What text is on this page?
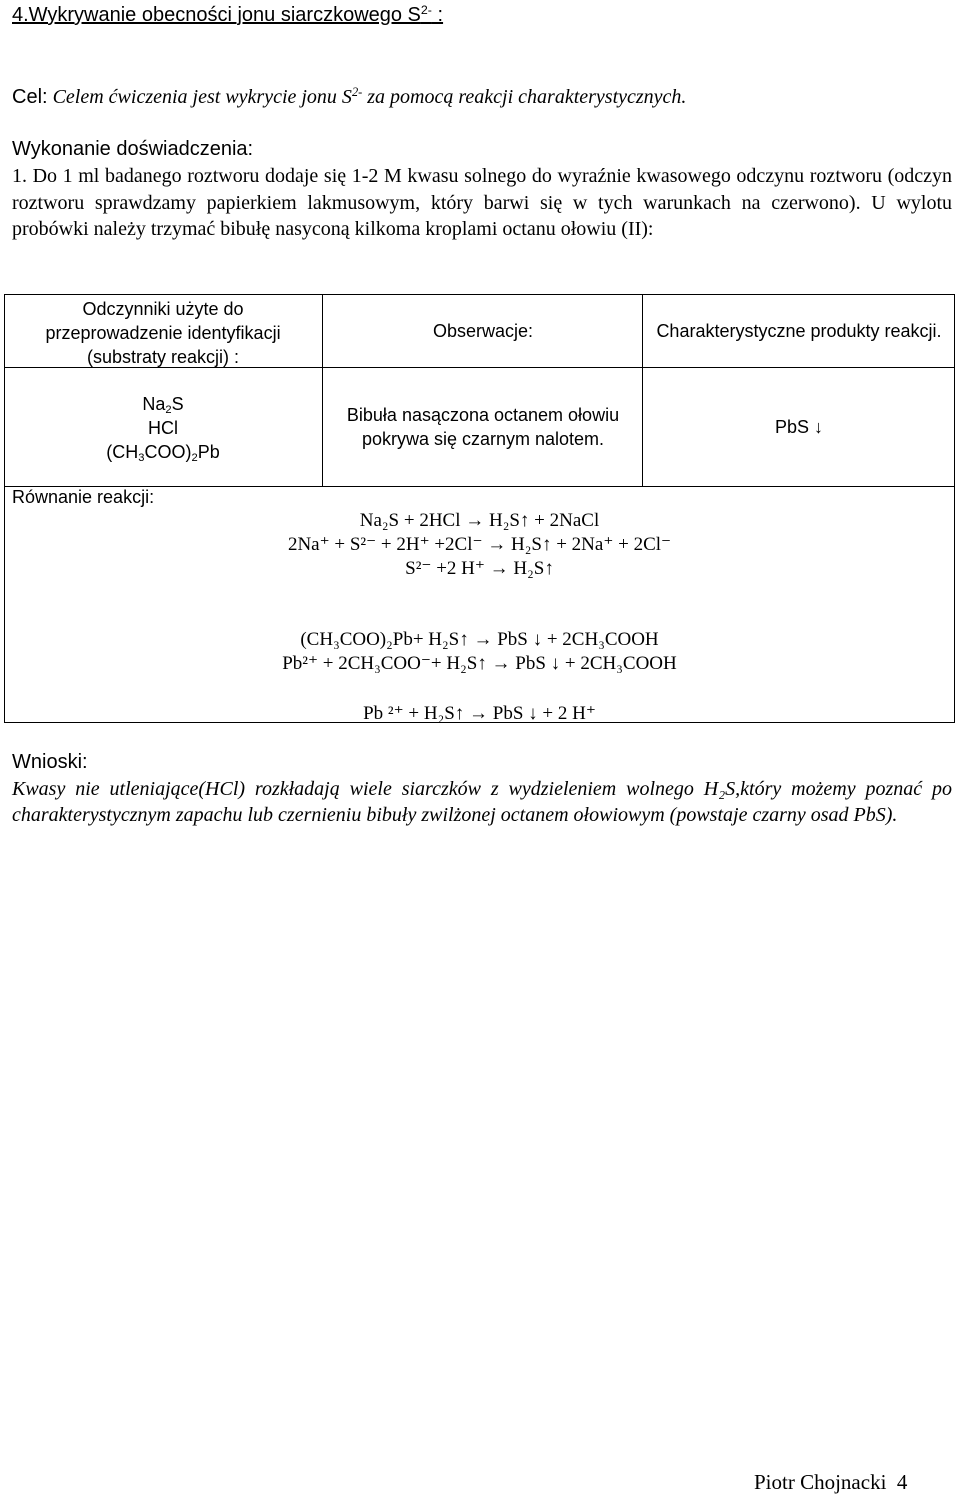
4.Wykrywanie obecności jonu siarczkowego $S^{2-}$ :
Cel: Celem ćwiczenia jest wykrycie jonu $S^{2-}$ za pomocą reakcji charakterystycznych.
Wykonanie doświadczenia:
1. Do 1 ml badanego roztworu dodaje się 1-2 M kwasu solnego do wyraźnie kwasowego odczynu roztworu (odczyn roztworu sprawdzamy papierkiem lakmusowym, który barwi się w tych warunkach na czerwono). U wylotu probówki należy trzymać bibułę nasyconą kilkoma kroplami octanu ołowiu (II):
Odczynniki użyte do przeprowadzenie identyfikacji (substraty reakcji) :
Obserwacje:	Charakterystyczne produkty reakcji.
$Na_2S$
HCl
$(CH_3COO)_2Pb$
Bibuła nasączona octanem ołowiu pokrywa się czarnym nalotem.
PbS ↓
Równanie reakcji:
Na₂S + 2HCl → H₂S↑ + 2NaCl
2Na⁺ + S²⁻ + 2H⁺ +2Cl⁻ → H₂S↑ + 2Na⁺ + 2Cl⁻
S²⁻ +2 H⁺ → H₂S↑
(CH₃COO)₂Pb+ H₂S↑ → PbS ↓ + 2CH₃COOH
Pb²⁺ + 2CH₃COO⁻+ H₂S↑ → PbS ↓ + 2CH₃COOH
Pb ²⁺ + H₂S↑ → PbS ↓ + 2 H⁺
Wnioski:
Kwasy nie utleniające(HCl) rozkładają wiele siarczków z wydzieleniem wolnego H₂S,który możemy poznać po charakterystycznym zapachu lub czernieniu bibuły zwilżonej octanem ołowiowym (powstaje czarny osad PbS).
Piotr Chojnacki 4
